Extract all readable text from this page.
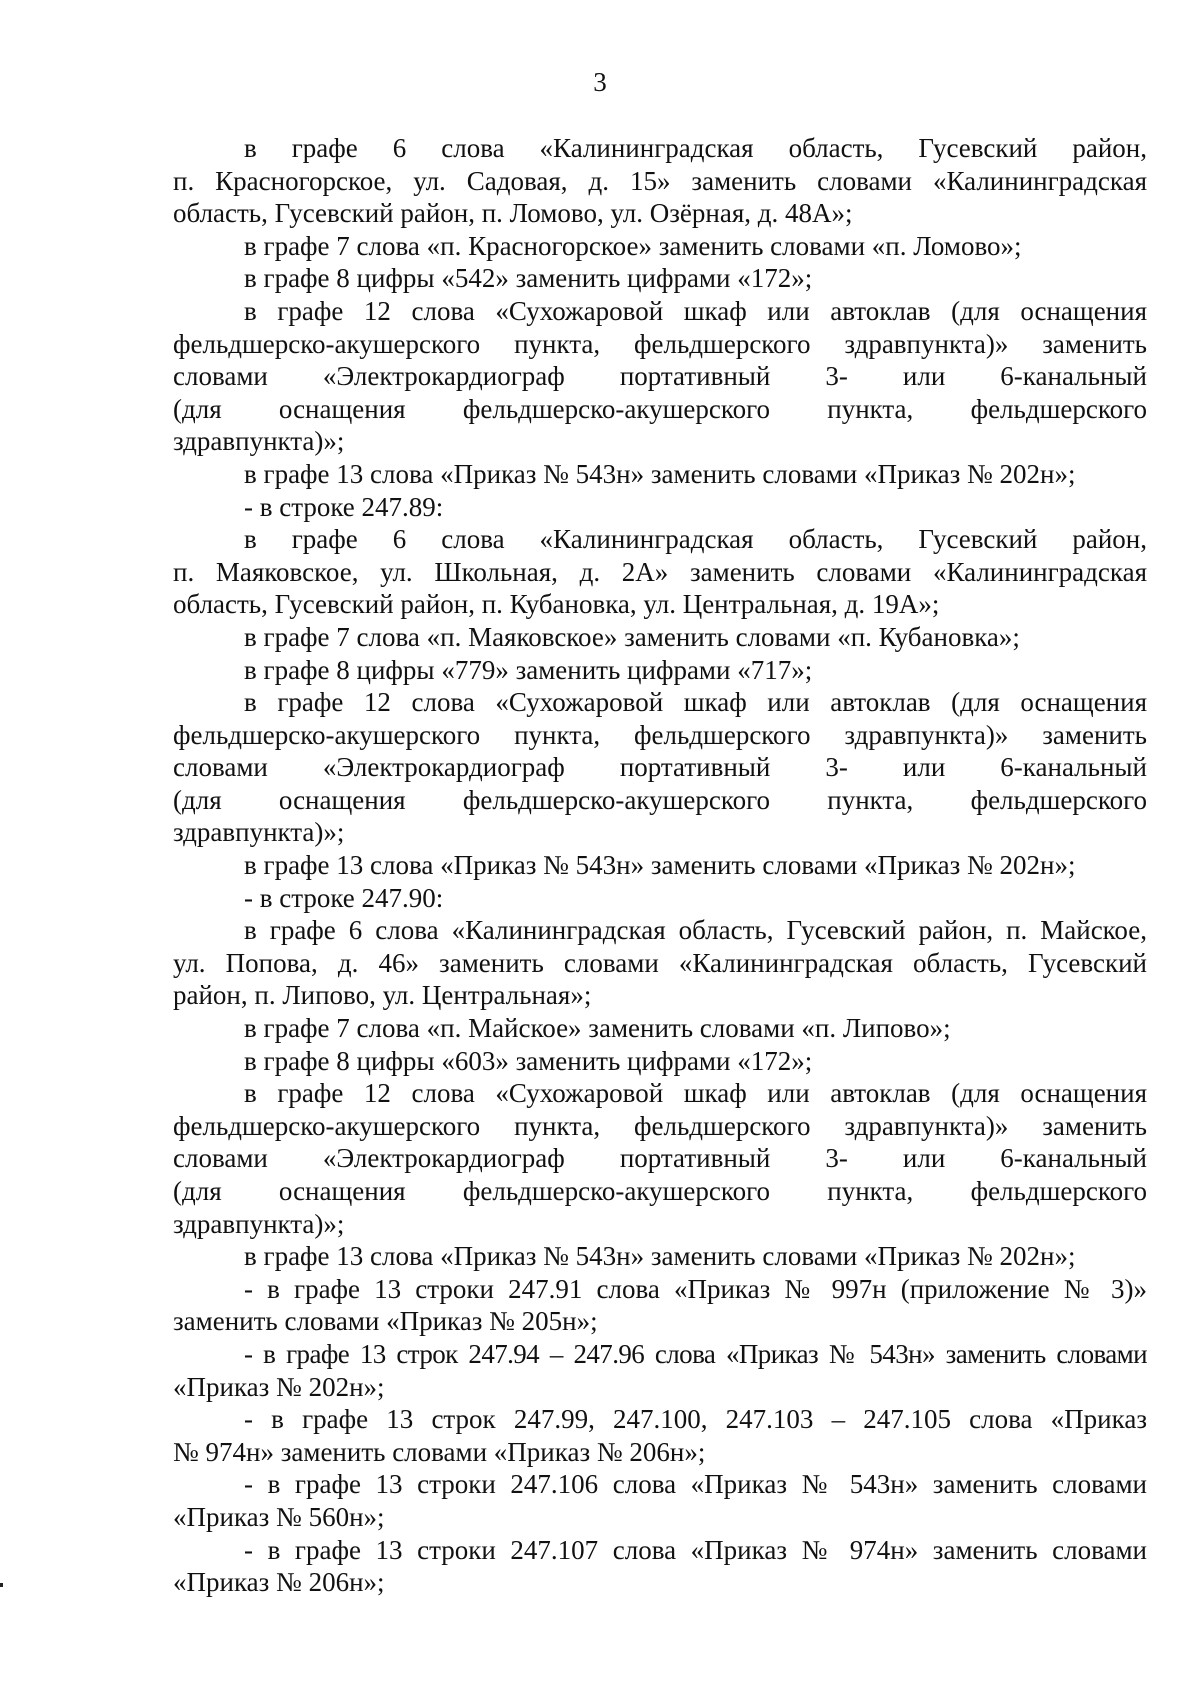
3
в графе 6 слова «Калининградская область, Гусевский район,
п. Красногорское, ул. Садовая, д. 15» заменить словами «Калининградская
область, Гусевский район, п. Ломово, ул. Озёрная, д. 48А»;
в графе 7 слова «п. Красногорское» заменить словами «п. Ломово»;
в графе 8 цифры «542» заменить цифрами «172»;
в графе 12 слова «Сухожаровой шкаф или автоклав (для оснащения
фельдшерско-акушерского пункта, фельдшерского здравпункта)» заменить
словами «Электрокардиограф портативный 3- или 6-канальный
(для оснащения фельдшерско-акушерского пункта, фельдшерского
здравпункта)»;
в графе 13 слова «Приказ № 543н» заменить словами «Приказ № 202н»;
- в строке 247.89:
в графе 6 слова «Калининградская область, Гусевский район,
п. Маяковское, ул. Школьная, д. 2А» заменить словами «Калининградская
область, Гусевский район, п. Кубановка, ул. Центральная, д. 19А»;
в графе 7 слова «п. Маяковское» заменить словами «п. Кубановка»;
в графе 8 цифры «779» заменить цифрами «717»;
в графе 12 слова «Сухожаровой шкаф или автоклав (для оснащения
фельдшерско-акушерского пункта, фельдшерского здравпункта)» заменить
словами «Электрокардиограф портативный 3- или 6-канальный
(для оснащения фельдшерско-акушерского пункта, фельдшерского
здравпункта)»;
в графе 13 слова «Приказ № 543н» заменить словами «Приказ № 202н»;
- в строке 247.90:
в графе 6 слова «Калининградская область, Гусевский район, п. Майское,
ул. Попова, д. 46» заменить словами «Калининградская область, Гусевский
район, п. Липово, ул. Центральная»;
в графе 7 слова «п. Майское» заменить словами «п. Липово»;
в графе 8 цифры «603» заменить цифрами «172»;
в графе 12 слова «Сухожаровой шкаф или автоклав (для оснащения
фельдшерско-акушерского пункта, фельдшерского здравпункта)» заменить
словами «Электрокардиограф портативный 3- или 6-канальный
(для оснащения фельдшерско-акушерского пункта, фельдшерского
здравпункта)»;
в графе 13 слова «Приказ № 543н» заменить словами «Приказ № 202н»;
- в графе 13 строки 247.91 слова «Приказ № 997н (приложение № 3)»
заменить словами «Приказ № 205н»;
- в графе 13 строк 247.94 – 247.96 слова «Приказ № 543н» заменить словами
«Приказ № 202н»;
- в графе 13 строк 247.99, 247.100, 247.103 – 247.105 слова «Приказ
№ 974н» заменить словами «Приказ № 206н»;
- в графе 13 строки 247.106 слова «Приказ № 543н» заменить словами
«Приказ № 560н»;
- в графе 13 строки 247.107 слова «Приказ № 974н» заменить словами
«Приказ № 206н»;
